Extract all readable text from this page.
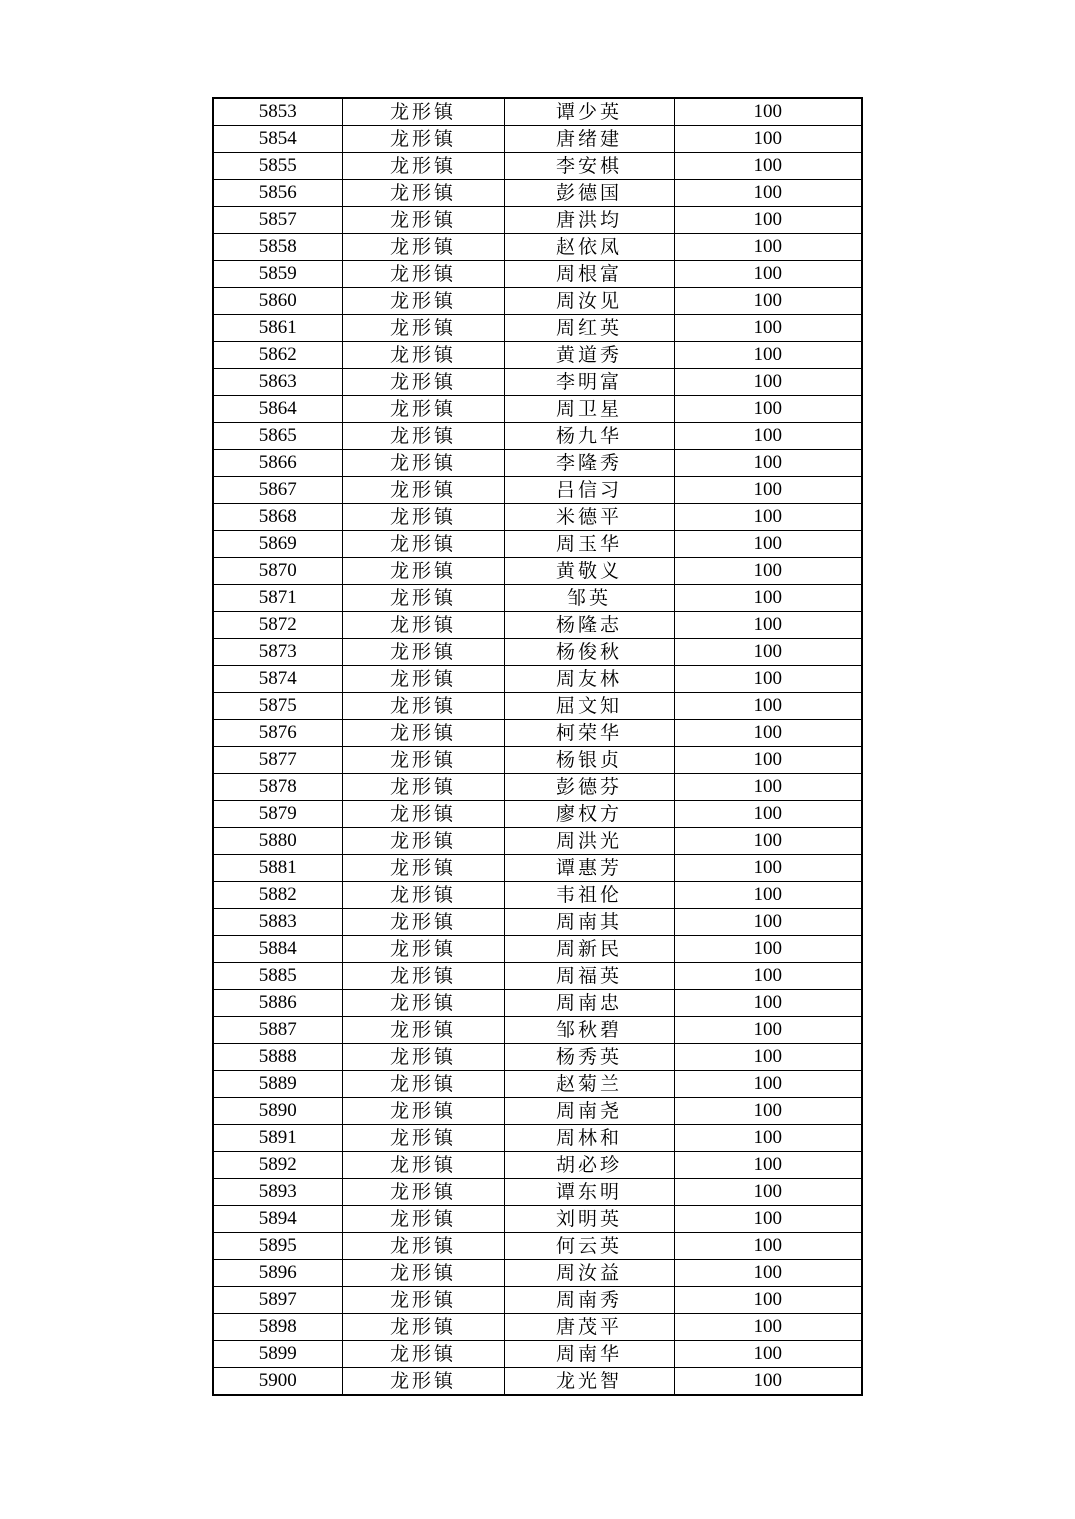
5853	龙形镇	谭少英	100
5854	龙形镇	唐绪建	100
5855	龙形镇	李安棋	100
5856	龙形镇	彭德国	100
5857	龙形镇	唐洪均	100
5858	龙形镇	赵依凤	100
5859	龙形镇	周根富	100
5860	龙形镇	周汝见	100
5861	龙形镇	周红英	100
5862	龙形镇	黄道秀	100
5863	龙形镇	李明富	100
5864	龙形镇	周卫星	100
5865	龙形镇	杨九华	100
5866	龙形镇	李隆秀	100
5867	龙形镇	吕信习	100
5868	龙形镇	米德平	100
5869	龙形镇	周玉华	100
5870	龙形镇	黄敬义	100
5871	龙形镇	邹英	100
5872	龙形镇	杨隆志	100
5873	龙形镇	杨俊秋	100
5874	龙形镇	周友林	100
5875	龙形镇	屈文知	100
5876	龙形镇	柯荣华	100
5877	龙形镇	杨银贞	100
5878	龙形镇	彭德芬	100
5879	龙形镇	廖权方	100
5880	龙形镇	周洪光	100
5881	龙形镇	谭惠芳	100
5882	龙形镇	韦祖伦	100
5883	龙形镇	周南其	100
5884	龙形镇	周新民	100
5885	龙形镇	周福英	100
5886	龙形镇	周南忠	100
5887	龙形镇	邹秋碧	100
5888	龙形镇	杨秀英	100
5889	龙形镇	赵菊兰	100
5890	龙形镇	周南尧	100
5891	龙形镇	周林和	100
5892	龙形镇	胡必珍	100
5893	龙形镇	谭东明	100
5894	龙形镇	刘明英	100
5895	龙形镇	何云英	100
5896	龙形镇	周汝益	100
5897	龙形镇	周南秀	100
5898	龙形镇	唐茂平	100
5899	龙形镇	周南华	100
5900	龙形镇	龙光智	100
